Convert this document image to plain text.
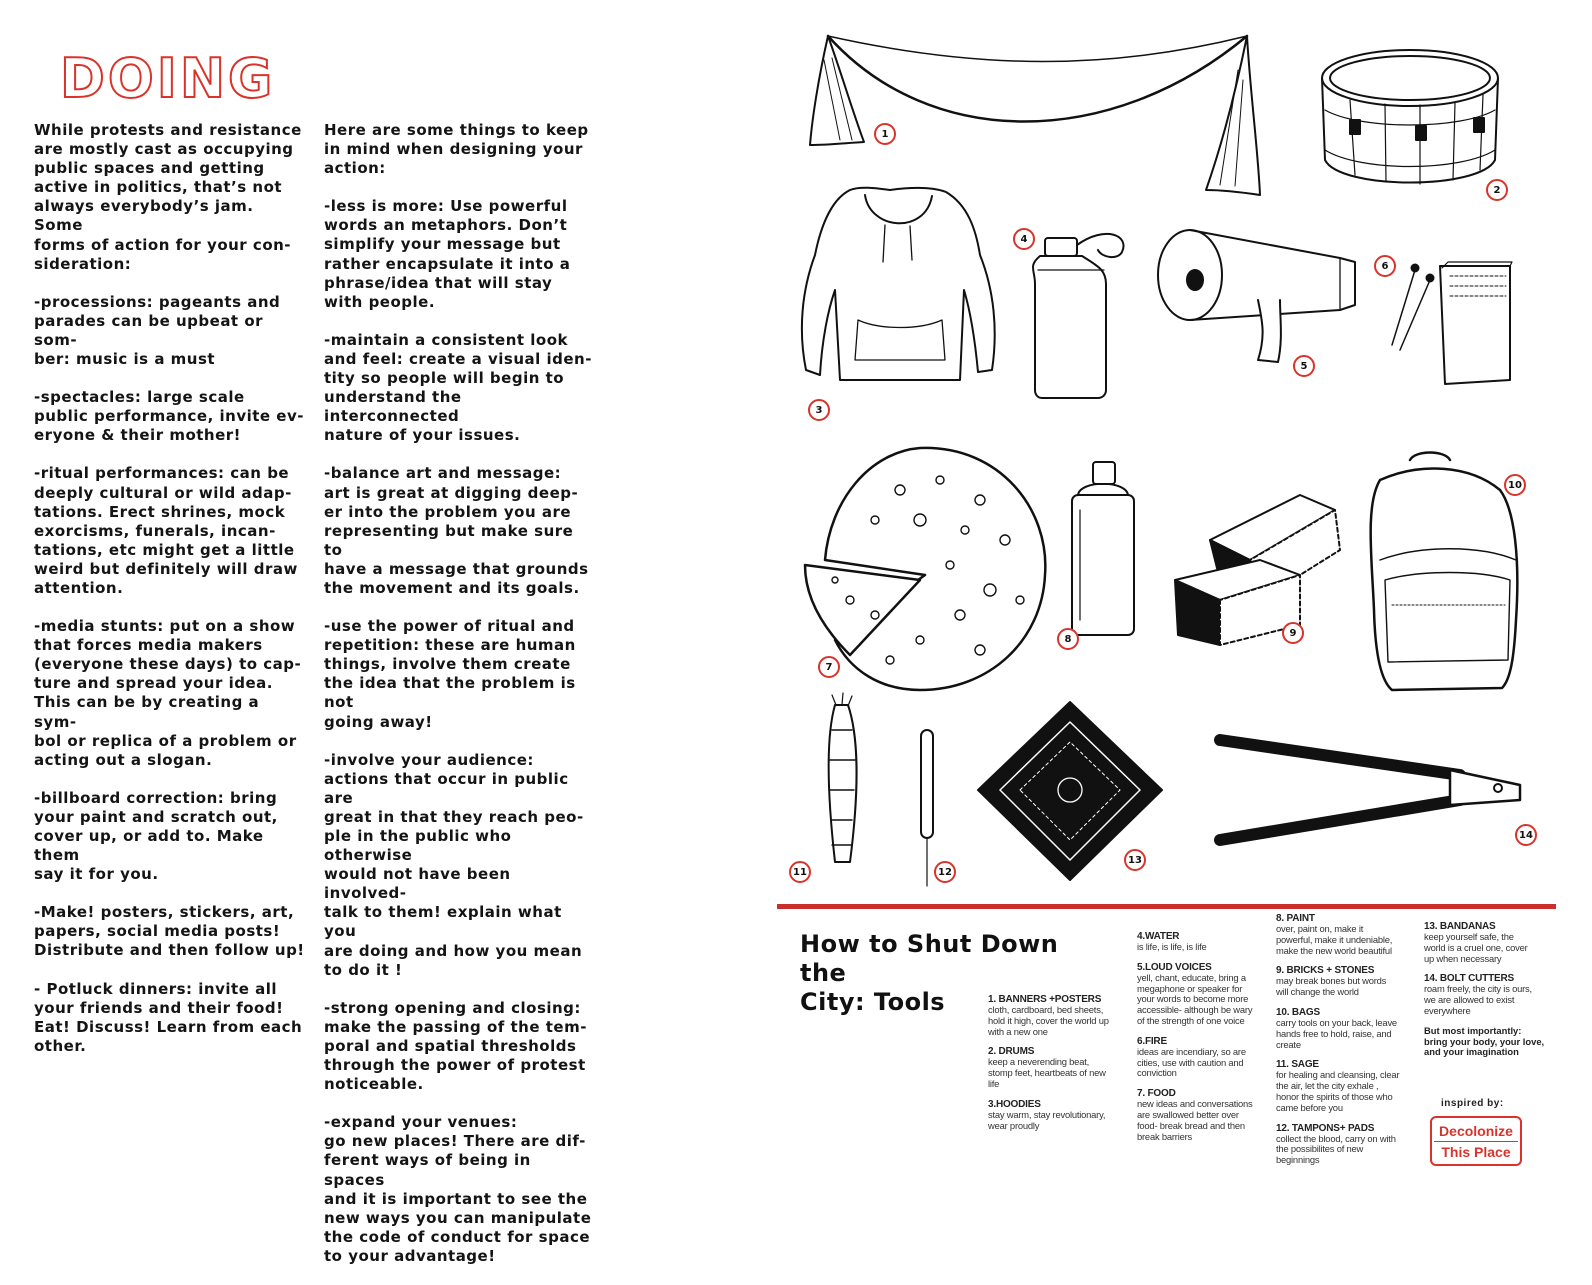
DOING

While protests and resistance
are mostly cast as occupying
public spaces and getting
active in politics, that’s not
always everybody’s jam. Some
forms of action for your con-
sideration:

-processions: pageants and
parades can be upbeat or som-
ber: music is a must

-spectacles: large scale
public performance, invite ev-
eryone & their mother!

-ritual performances: can be
deeply cultural or wild adap-
tations. Erect shrines, mock
exorcisms, funerals, incan-
tations, etc might get a little
weird but definitely will draw
attention.

-media stunts: put on a show
that forces media makers
(everyone these days) to cap-
ture and spread your idea.
This can be by creating a sym-
bol or replica of a problem or
acting out a slogan.

-billboard correction: bring
your paint and scratch out,
cover up, or add to. Make them
say it for you.

-Make! posters, stickers, art,
papers, social media posts!
Distribute and then follow up!

- Potluck dinners: invite all
your friends and their food!
Eat! Discuss! Learn from each
other.

Here are some things to keep
in mind when designing your
action:

-less is more: Use powerful
words an metaphors. Don’t
simplify your message but
rather encapsulate it into a
phrase/idea that will stay
with people.

-maintain a consistent look
and feel: create a visual iden-
tity so people will begin to
understand the interconnected
nature of your issues.

-balance art and message:
art is great at digging deep-
er into the problem you are
representing but make sure to
have a message that grounds
the movement and its goals.

-use the power of ritual and
repetition: these are human
things, involve them create
the idea that the problem is not
going away!

-involve your audience:
actions that occur in public are
great in that they reach peo-
ple in the public who otherwise
would not have been involved-
talk to them! explain what you
are doing and how you mean
to do it !

-strong opening and closing:
make the passing of the tem-
poral and spatial thresholds
through the power of protest
noticeable.

-expand your venues:
go new places! There are dif-
ferent ways of being in spaces
and it is important to see the
new ways you can manipulate
the code of conduct for space
to your advantage!

1
2
3
4
5
6
7
8
9
10
11	12
13
14
How to Shut Down the
City: Tools	1. BANNERS +POSTERS
cloth, cardboard, bed sheets,
hold it high, cover the world up
with a new one
2. DRUMS
keep a neverending beat,
stomp feet, heartbeats of new
life
3.HOODIES
stay warm, stay revolutionary,
wear proudly
4.WATER
is life, is life, is life
5.LOUD VOICES
yell, chant, educate, bring a
megaphone or speaker for
your words to become more
accessible- although be wary
of the strength of one voice
6.FIRE
ideas are incendiary, so are
cities, use with caution and
conviction
7. FOOD
new ideas and conversations
are swallowed better over
food- break bread and then
break barriers
8. PAINT
over, paint on, make it
powerful, make it undeniable,
make the new world beautiful
9. BRICKS + STONES
may break bones but words
will change the world
10. BAGS
carry tools on your back, leave
hands free to hold, raise, and
create
11. SAGE
for healing and cleansing, clear
the air, let the city exhale ,
honor the spirits of those who
came before you
12. TAMPONS+ PADS
collect the blood, carry on with
the possibilites of new
beginnings
13. BANDANAS
keep yourself safe, the
world is a cruel one, cover
up when necessary
14. BOLT CUTTERS
roam freely, the city is ours,
we are allowed to exist
everywhere
But most importantly:
bring your body, your love,
and your imagination
inspired by:
Decolonize
This Place
